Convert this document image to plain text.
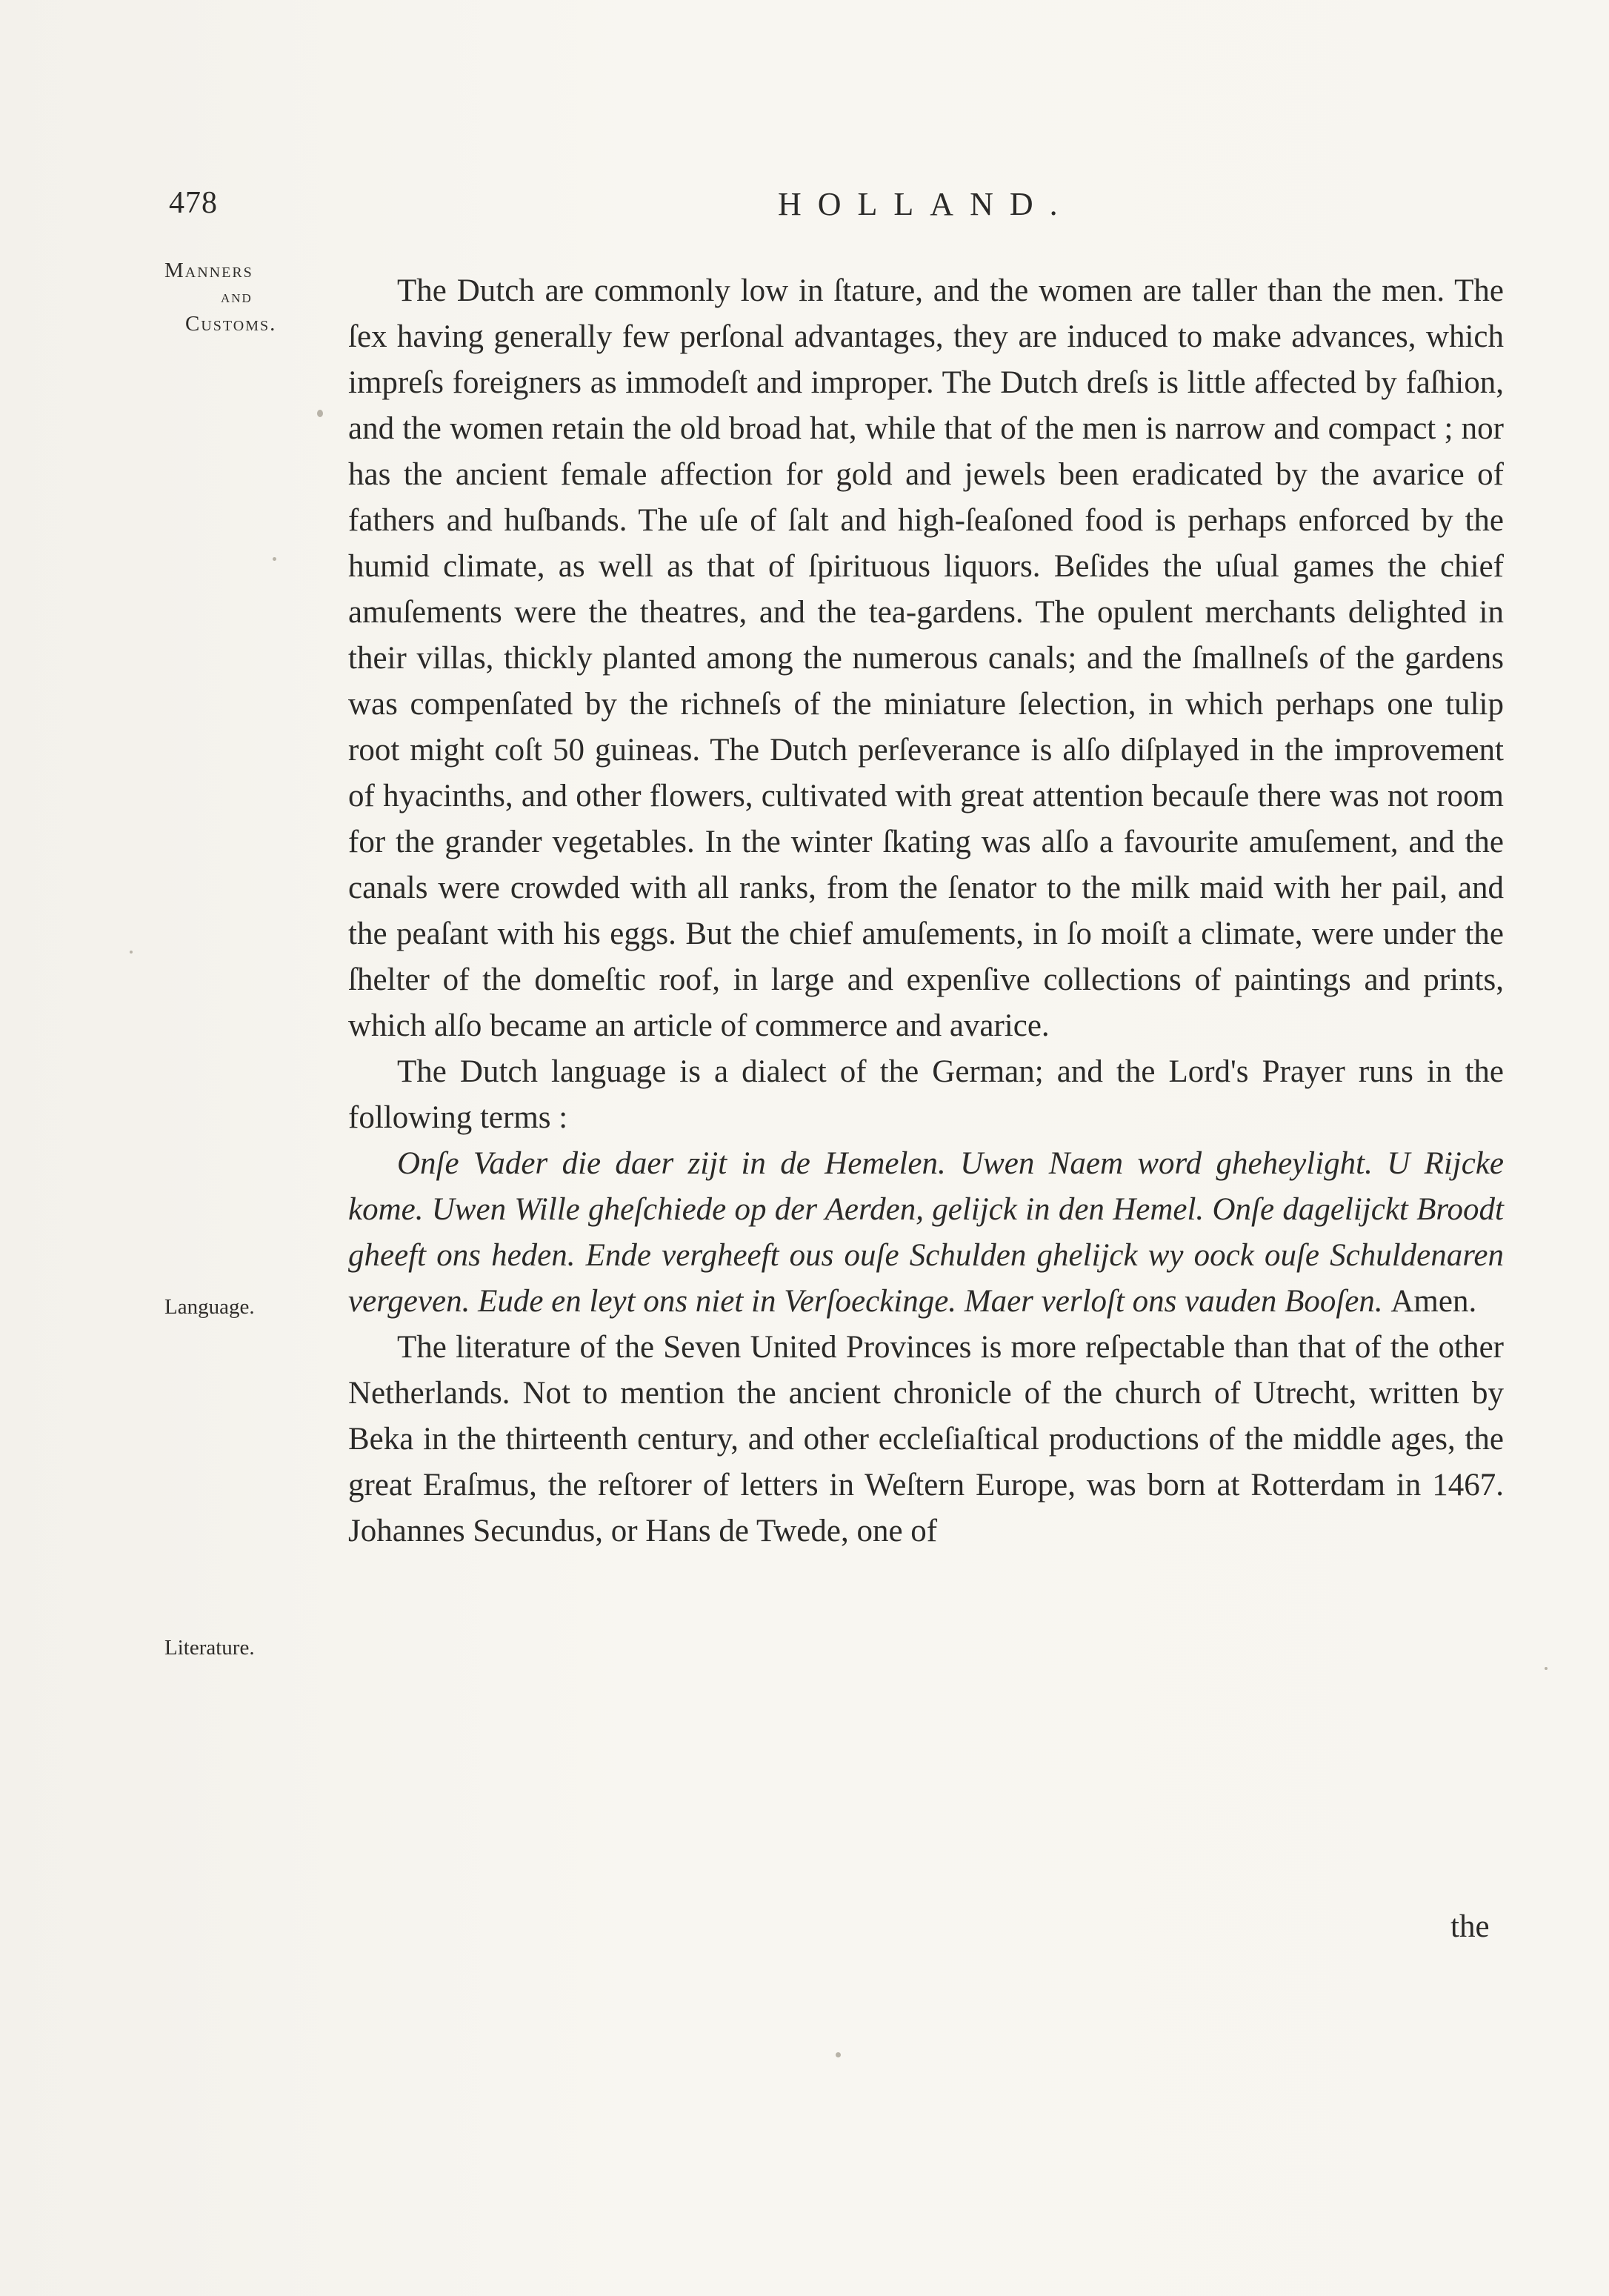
478	HOLLAND.
Manners
and
Customs.
Language.
Literature.

The Dutch are commonly low in ſtature, and the women are taller than the men. The ſex having generally few perſonal advantages, they are induced to make advances, which impreſs foreigners as immodeſt and improper. The Dutch dreſs is little affected by faſhion, and the women retain the old broad hat, while that of the men is narrow and compact ; nor has the ancient female affection for gold and jewels been eradicated by the avarice of fathers and huſbands. The uſe of ſalt and high-ſeaſoned food is perhaps enforced by the humid climate, as well as that of ſpirituous liquors. Beſides the uſual games the chief amuſements were the theatres, and the tea-gardens. The opulent merchants delighted in their villas, thickly planted among the numerous canals; and the ſmallneſs of the gardens was compenſated by the richneſs of the miniature ſelection, in which perhaps one tulip root might coſt 50 guineas. The Dutch perſeverance is alſo diſplayed in the improvement of hyacinths, and other flowers, cultivated with great attention becauſe there was not room for the grander vegetables. In the winter ſkating was alſo a favourite amuſement, and the canals were crowded with all ranks, from the ſenator to the milk maid with her pail, and the peaſant with his eggs. But the chief amuſements, in ſo moiſt a climate, were under the ſhelter of the domeſtic roof, in large and expenſive collections of paintings and prints, which alſo became an article of commerce and avarice.

The Dutch language is a dialect of the German; and the Lord's Prayer runs in the following terms :

Onſe Vader die daer zijt in de Hemelen. Uwen Naem word gheheylight. U Rijcke kome. Uwen Wille gheſchiede op der Aerden, gelijck in den Hemel. Onſe dagelijckt Broodt gheeft ons heden. Ende vergheeft ous ouſe Schulden ghelijck wy oock ouſe Schuldenaren vergeven. Eude en leyt ons niet in Verſoeckinge. Maer verloſt ons vauden Booſen. Amen.

The literature of the Seven United Provinces is more reſpectable than that of the other Netherlands. Not to mention the ancient chronicle of the church of Utrecht, written by Beka in the thirteenth century, and other eccleſiaſtical productions of the middle ages, the great Eraſmus, the reſtorer of letters in Weſtern Europe, was born at Rotterdam in 1467. Johannes Secundus, or Hans de Twede, one of

the
